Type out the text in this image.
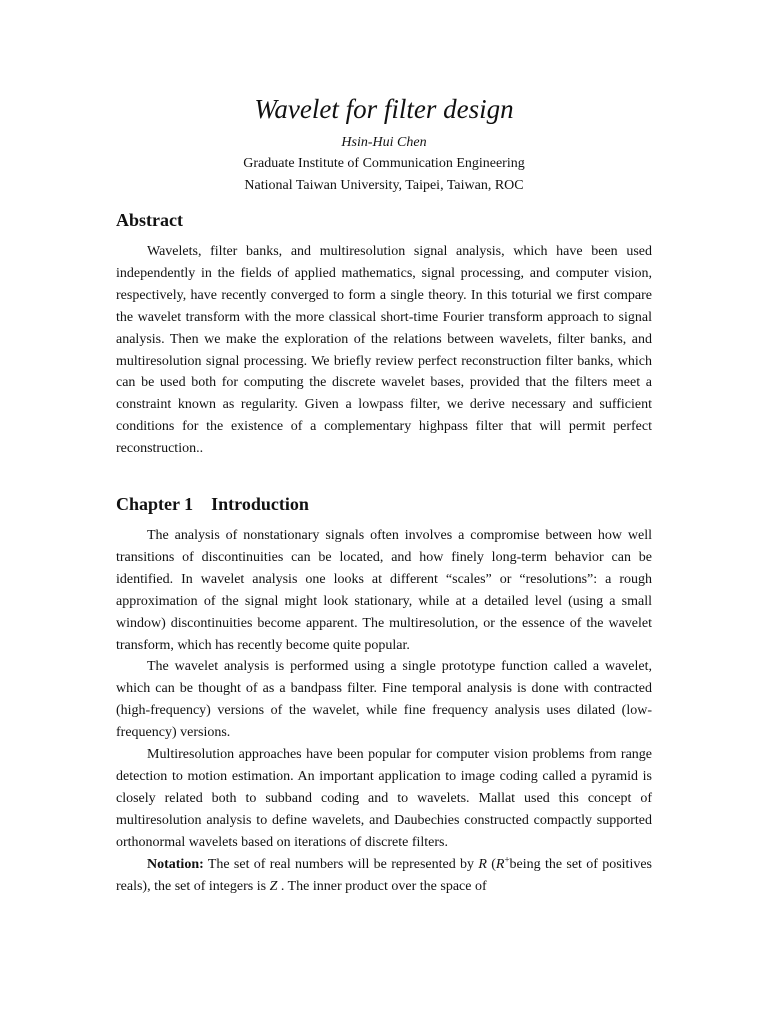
Wavelet for filter design
Hsin-Hui Chen
Graduate Institute of Communication Engineering
National Taiwan University, Taipei, Taiwan, ROC
Abstract

Wavelets, filter banks, and multiresolution signal analysis, which have been used independently in the fields of applied mathematics, signal processing, and computer vision, respectively, have recently converged to form a single theory. In this toturial we first compare the wavelet transform with the more classical short-time Fourier transform approach to signal analysis. Then we make the exploration of the relations between wavelets, filter banks, and multiresolution signal processing. We briefly review perfect reconstruction filter banks, which can be used both for computing the discrete wavelet bases, provided that the filters meet a constraint known as regularity. Given a lowpass filter, we derive necessary and sufficient conditions for the existence of a complementary highpass filter that will permit perfect reconstruction..

Chapter 1    Introduction

The analysis of nonstationary signals often involves a compromise between how well transitions of discontinuities can be located, and how finely long-term behavior can be identified. In wavelet analysis one looks at different “scales” or “resolutions”: a rough approximation of the signal might look stationary, while at a detailed level (using a small window) discontinuities become apparent. The multiresolution, or the essence of the wavelet transform, which has recently become quite popular.

The wavelet analysis is performed using a single prototype function called a wavelet, which can be thought of as a bandpass filter. Fine temporal analysis is done with contracted (high-frequency) versions of the wavelet, while fine frequency analysis uses dilated (low-frequency) versions.

Multiresolution approaches have been popular for computer vision problems from range detection to motion estimation. An important application to image coding called a pyramid is closely related both to subband coding and to wavelets. Mallat used this concept of multiresolution analysis to define wavelets, and Daubechies constructed compactly supported orthonormal wavelets based on iterations of discrete filters.

Notation: The set of real numbers will be represented by R (R+being the set of positives reals), the set of integers is Z . The inner product over the space of
